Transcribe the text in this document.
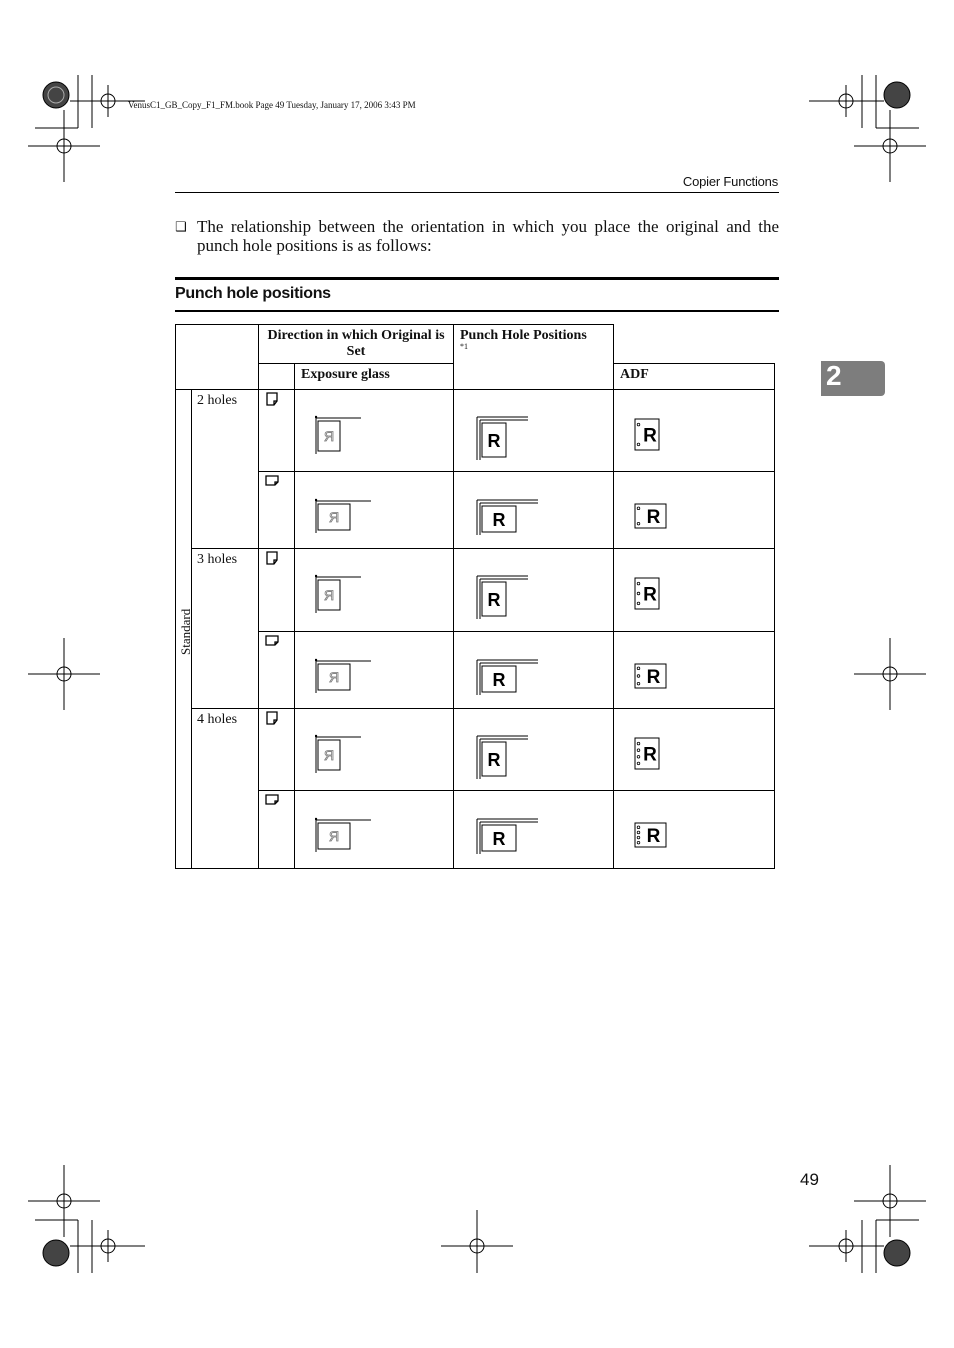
VenusC1_GB_Copy_F1_FM.book Page 49 Tuesday, January 17, 2006 3:43 PM
Copier Functions
❑ The relationship between the orientation in which you place the original and the punch hole positions is as follows:
Punch hole positions
2
		Direction in which Original is Set		Punch Hole Positions
*1	

			Exposure glass		ADF

Standard	2 holes		R	R	R

R	R	R

	3 holes		R	R	R

R	R	R

	4 holes		R	R	R

R	R	R
49
